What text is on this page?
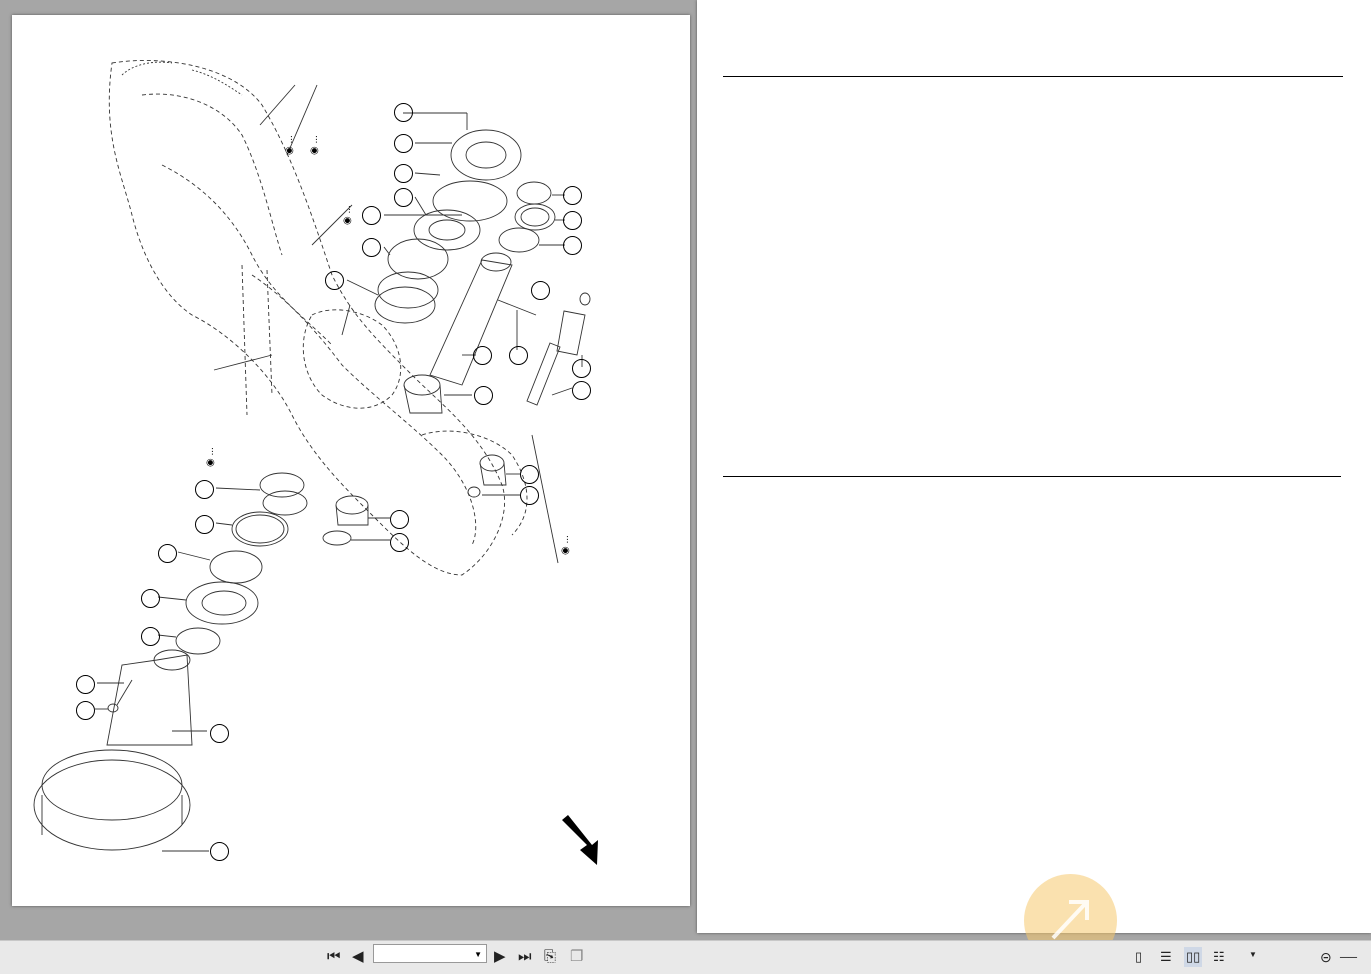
◉ ... ◉ ...
◉ ...
◉ ...
◉ ...

⏮ ◀	▶ ⏭ ⎘ ❐	▯ ☰ ▯▯ ☷	⊝ ──
▼	▼
